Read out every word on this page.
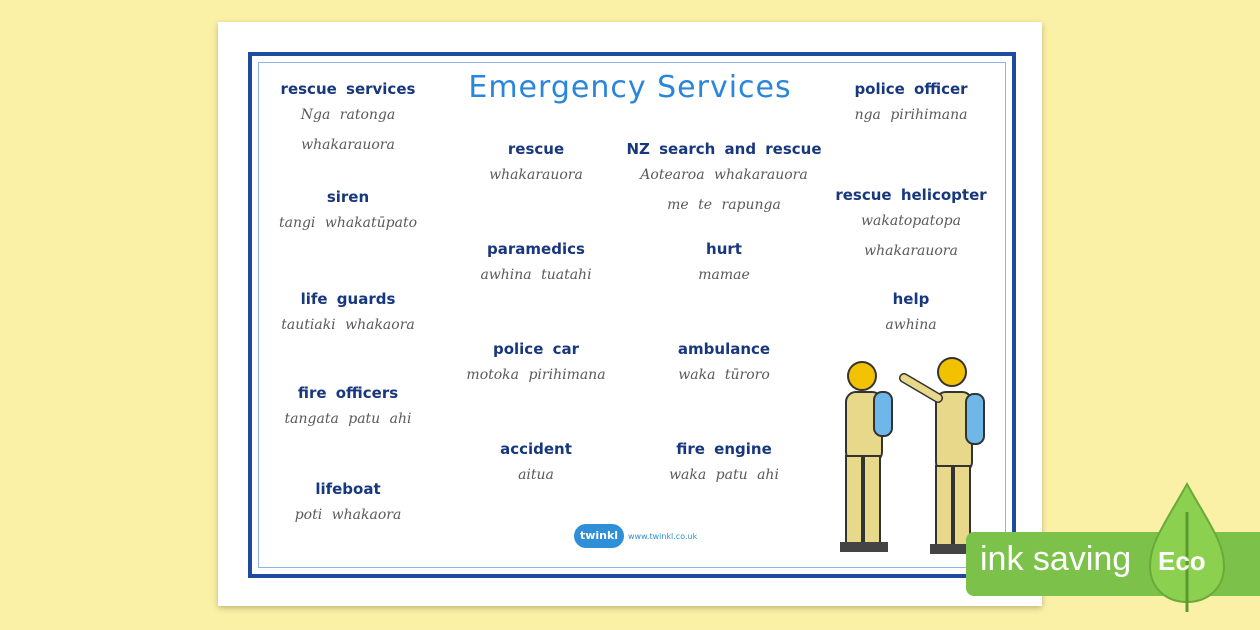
Emergency Services
rescue services
Nga ratonga whakarauora
siren
tangi whakatūpato
life guards
tautiaki whakaora
fire officers
tangata patu ahi
lifeboat
poti whakaora
rescue
whakarauora
paramedics
awhina tuatahi
police car
motoka pirihimana
accident
aitua
NZ search and rescue
Aotearoa whakarauora me te rapunga
hurt
mamae
ambulance
waka tūroro
fire engine
waka patu ahi
police officer
nga pirihimana
rescue helicopter
wakatopatopa whakarauora
help
awhina
twinkl	www.twinkl.co.uk
ink saving Eco
